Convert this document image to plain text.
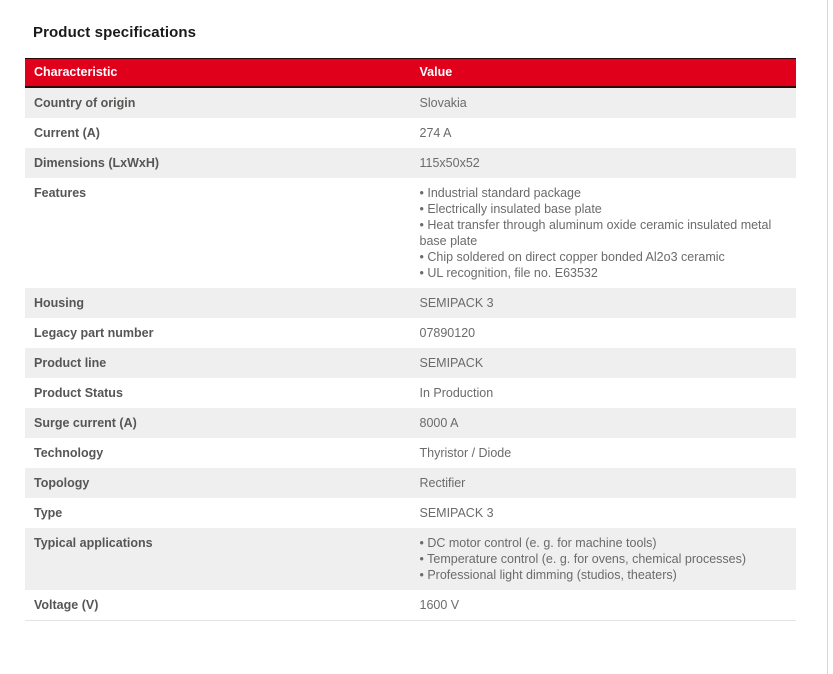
Product specifications
Characteristic	Value
Country of origin	Slovakia
Current (A)	274 A
Dimensions (LxWxH)	115x50x52
Features	• Industrial standard package
• Electrically insulated base plate
• Heat transfer through aluminum oxide ceramic insulated metal base plate
• Chip soldered on direct copper bonded Al2o3 ceramic
• UL recognition, file no. E63532

Housing	SEMIPACK 3
Legacy part number	07890120
Product line	SEMIPACK
Product Status	In Production
Surge current (A)	8000 A
Technology	Thyristor / Diode
Topology	Rectifier
Type	SEMIPACK 3
Typical applications	• DC motor control (e. g. for machine tools)
• Temperature control (e. g. for ovens, chemical processes)
• Professional light dimming (studios, theaters)

Voltage (V)	1600 V
